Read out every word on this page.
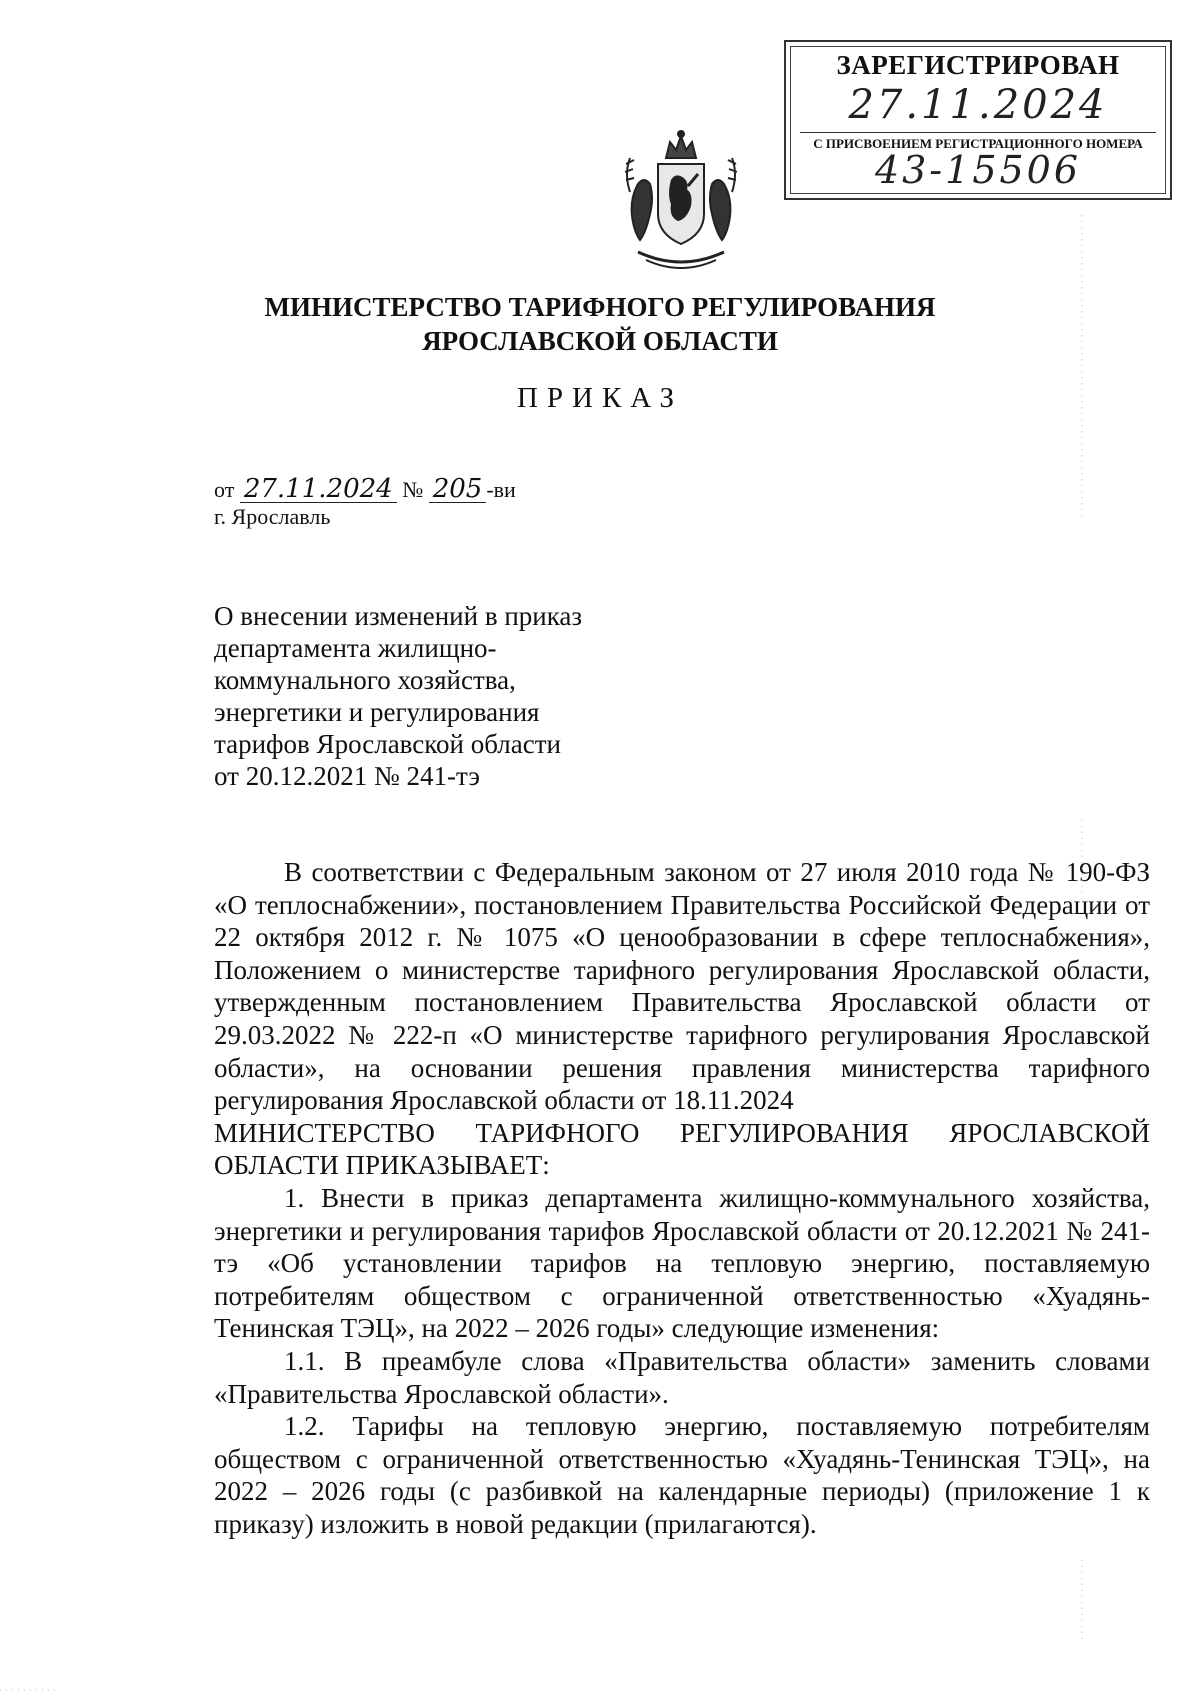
ЗАРЕГИСТРИРОВАН
27.11.2024
С ПРИСВОЕНИЕМ РЕГИСТРАЦИОННОГО НОМЕРА
43-15506
МИНИСТЕРСТВО ТАРИФНОГО РЕГУЛИРОВАНИЯ
ЯРОСЛАВСКОЙ ОБЛАСТИ
ПРИКАЗ
от 27.11.2024 № 205 -ви
г. Ярославль
О внесении изменений в приказ
департамента жилищно-
коммунального хозяйства,
энергетики и регулирования
тарифов Ярославской области
от 20.12.2021 № 241-тэ

В соответствии с Федеральным законом от 27 июля 2010 года № 190-ФЗ «О теплоснабжении», постановлением Правительства Российской Федерации от 22 октября 2012 г. № 1075 «О ценообразовании в сфере теплоснабжения», Положением о министерстве тарифного регулирования Ярославской области, утвержденным постановлением Правительства Ярославской области от 29.03.2022 № 222-п «О министерстве тарифного регулирования Ярославской области», на основании решения правления министерства тарифного регулирования Ярославской области от 18.11.2024

МИНИСТЕРСТВО ТАРИФНОГО РЕГУЛИРОВАНИЯ ЯРОСЛАВСКОЙ ОБЛАСТИ ПРИКАЗЫВАЕТ:

1. Внести в приказ департамента жилищно-коммунального хозяйства, энергетики и регулирования тарифов Ярославской области от 20.12.2021 № 241-тэ «Об установлении тарифов на тепловую энергию, поставляемую потребителям обществом с ограниченной ответственностью «Хуадянь-Тенинская ТЭЦ», на 2022 – 2026 годы» следующие изменения:

1.1. В преамбуле слова «Правительства области» заменить словами «Правительства Ярославской области».

1.2. Тарифы на тепловую энергию, поставляемую потребителям обществом с ограниченной ответственностью «Хуадянь-Тенинская ТЭЦ», на 2022 – 2026 годы (с разбивкой на календарные периоды) (приложение 1 к приказу) изложить в новой редакции (прилагаются).
